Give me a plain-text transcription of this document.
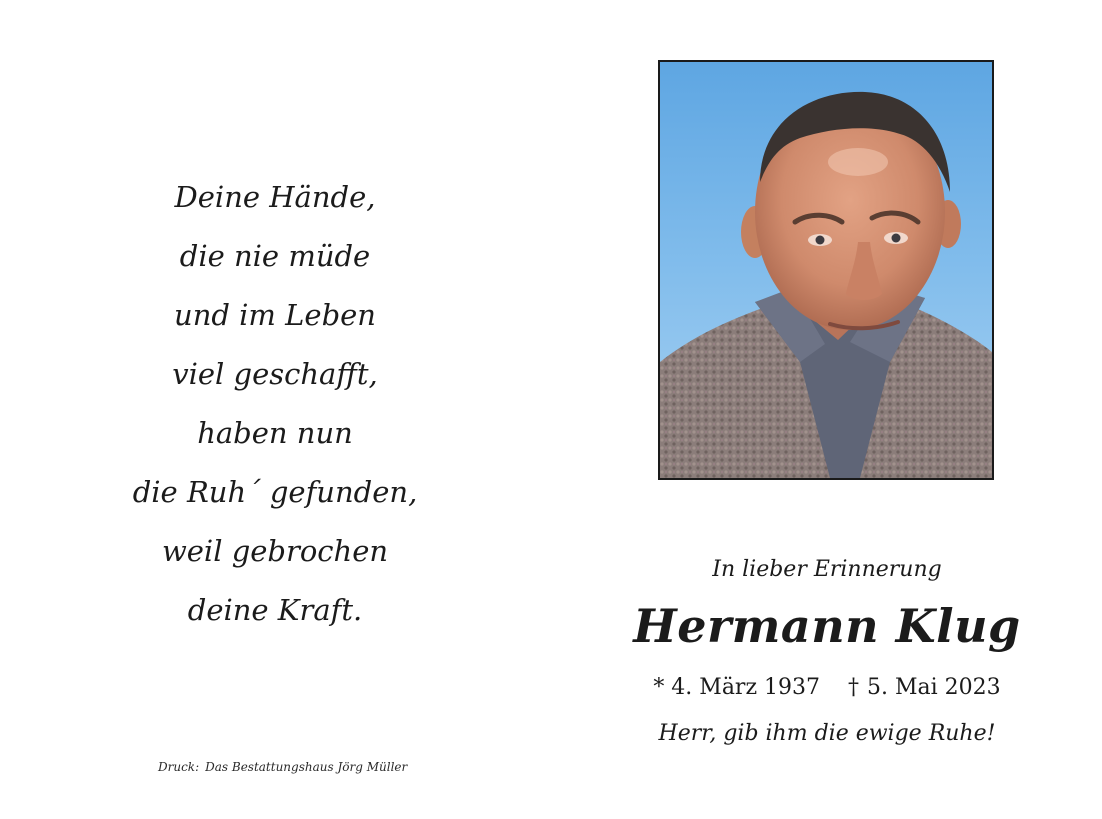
Deine Hände,
die nie müde
und im Leben
viel geschafft,
haben nun
die Ruh´ gefunden,
weil gebrochen
deine Kraft.
Druck: Das Bestattungshaus Jörg Müller
In lieber Erinnerung
Hermann Klug
* 4. März 1937 † 5. Mai 2023
Herr, gib ihm die ewige Ruhe!
